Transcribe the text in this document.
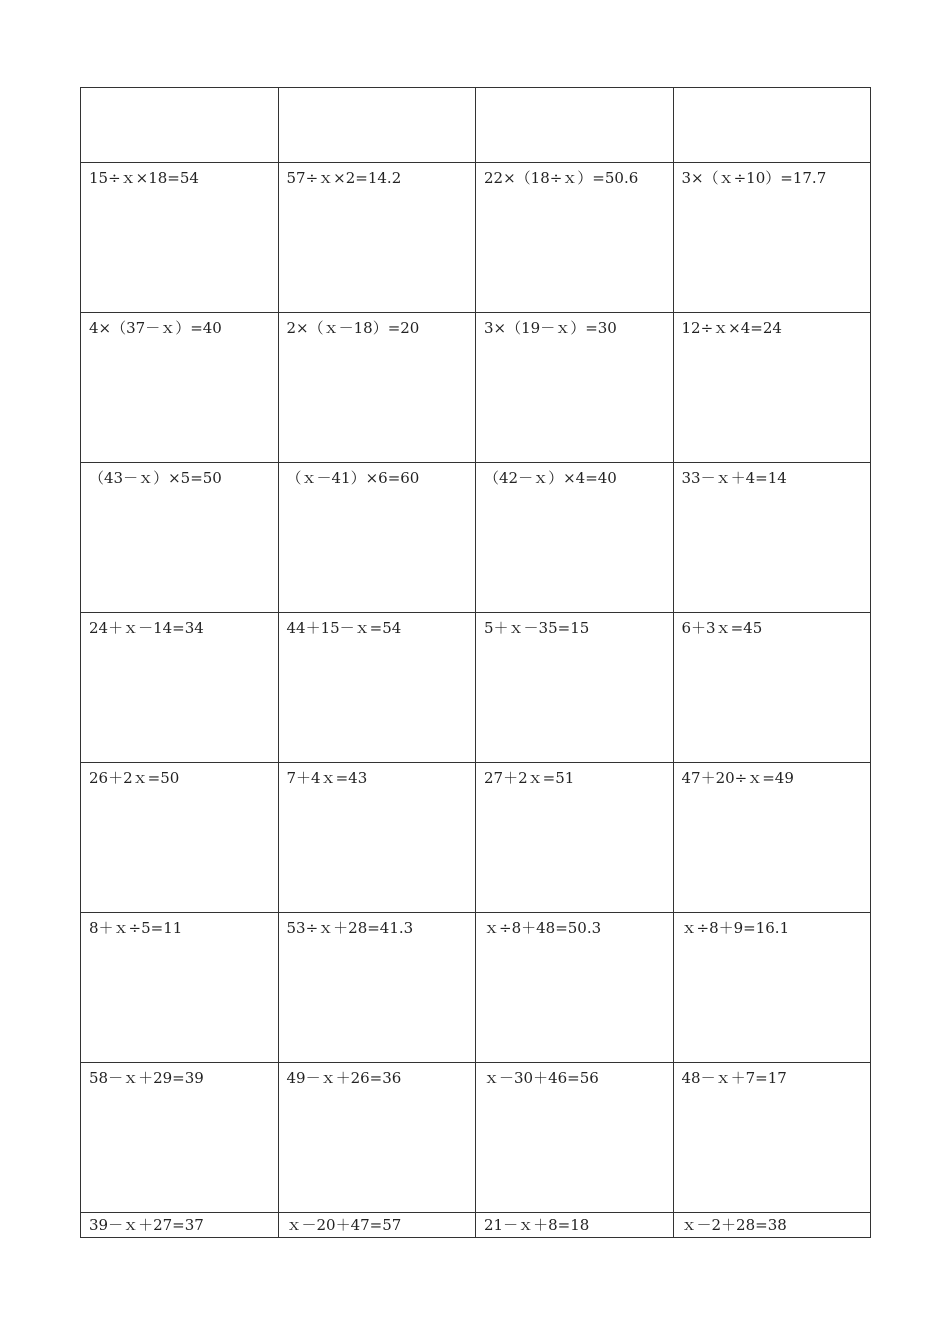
15÷ｘ×18=54	57÷ｘ×2=14.2	22×（18÷ｘ）=50.6	3×（ｘ÷10）=17.7

4×（37－ｘ）=40	2×（ｘ－18）=20	3×（19－ｘ）=30	12÷ｘ×4=24

（43－ｘ）×5=50	（ｘ－41）×6=60	（42－ｘ）×4=40	33－ｘ＋4=14

24＋ｘ－14=34	44＋15－ｘ=54	5＋ｘ－35=15	6＋3ｘ=45

26＋2ｘ=50	7＋4ｘ=43	27＋2ｘ=51	47＋20÷ｘ=49

8＋ｘ÷5=11	53÷ｘ＋28=41.3	ｘ÷8＋48=50.3	ｘ÷8＋9=16.1

58－ｘ＋29=39	49－ｘ＋26=36	ｘ－30＋46=56	48－ｘ＋7=17

39－ｘ＋27=37	ｘ－20＋47=57	21－ｘ＋8=18	ｘ－2＋28=38
